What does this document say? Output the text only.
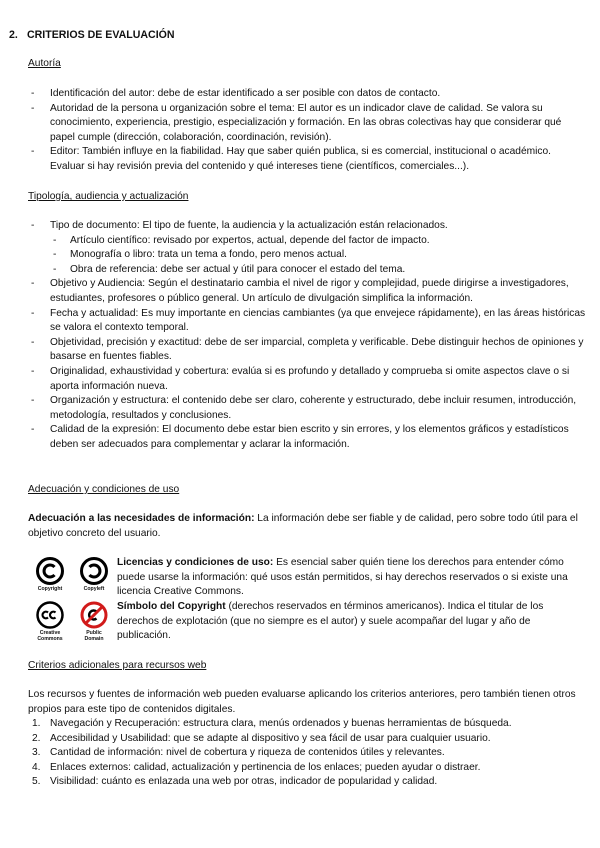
2. CRITERIOS DE EVALUACIÓN
Autoría
- Identificación del autor: debe de estar identificado a ser posible con datos de contacto.
- Autoridad de la persona u organización sobre el tema: El autor es un indicador clave de calidad. Se valora su conocimiento, experiencia, prestigio, especialización y formación. En las obras colectivas hay que considerar qué papel cumple (dirección, colaboración, coordinación, revisión).
- Editor: También influye en la fiabilidad. Hay que saber quién publica, si es comercial, institucional o académico. Evaluar si hay revisión previa del contenido y qué intereses tiene (científicos, comerciales...).
Tipología, audiencia y actualización
- Tipo de documento: El tipo de fuente, la audiencia y la actualización están relacionados.
- Artículo científico: revisado por expertos, actual, depende del factor de impacto.
- Monografía o libro: trata un tema a fondo, pero menos actual.
- Obra de referencia: debe ser actual y útil para conocer el estado del tema.
- Objetivo y Audiencia: Según el destinatario cambia el nivel de rigor y complejidad, puede dirigirse a investigadores, estudiantes, profesores o público general. Un artículo de divulgación simplifica la información.
- Fecha y actualidad: Es muy importante en ciencias cambiantes (ya que envejece rápidamente), en las áreas históricas se valora el contexto temporal.
- Objetividad, precisión y exactitud: debe de ser imparcial, completa y verificable. Debe distinguir hechos de opiniones y basarse en fuentes fiables.
- Originalidad, exhaustividad y cobertura: evalúa si es profundo y detallado y comprueba si omite aspectos clave o si aporta información nueva.
- Organización y estructura: el contenido debe ser claro, coherente y estructurado, debe incluir resumen, introducción, metodología, resultados y conclusiones.
- Calidad de la expresión: El documento debe estar bien escrito y sin errores, y los elementos gráficos y estadísticos deben ser adecuados para complementar y aclarar la información.
Adecuación y condiciones de uso
Adecuación a las necesidades de información: La información debe ser fiable y de calidad, pero sobre todo útil para el objetivo concreto del usuario.
Copyright	Copyleft
Creative
Commons
Public
Domain
Licencias y condiciones de uso: Es esencial saber quién tiene los derechos para entender cómo puede usarse la información: qué usos están permitidos, si hay derechos reservados o si existe una licencia Creative Commons.
Símbolo del Copyright (derechos reservados en términos americanos). Indica el titular de los derechos de explotación (que no siempre es el autor) y suele acompañar del lugar y año de publicación.
Criterios adicionales para recursos web
Los recursos y fuentes de información web pueden evaluarse aplicando los criterios anteriores, pero también tienen otros propios para este tipo de contenidos digitales.
1. Navegación y Recuperación: estructura clara, menús ordenados y buenas herramientas de búsqueda.
2. Accesibilidad y Usabilidad: que se adapte al dispositivo y sea fácil de usar para cualquier usuario.
3. Cantidad de información: nivel de cobertura y riqueza de contenidos útiles y relevantes.
4. Enlaces externos: calidad, actualización y pertinencia de los enlaces; pueden ayudar o distraer.
5. Visibilidad: cuánto es enlazada una web por otras, indicador de popularidad y calidad.
